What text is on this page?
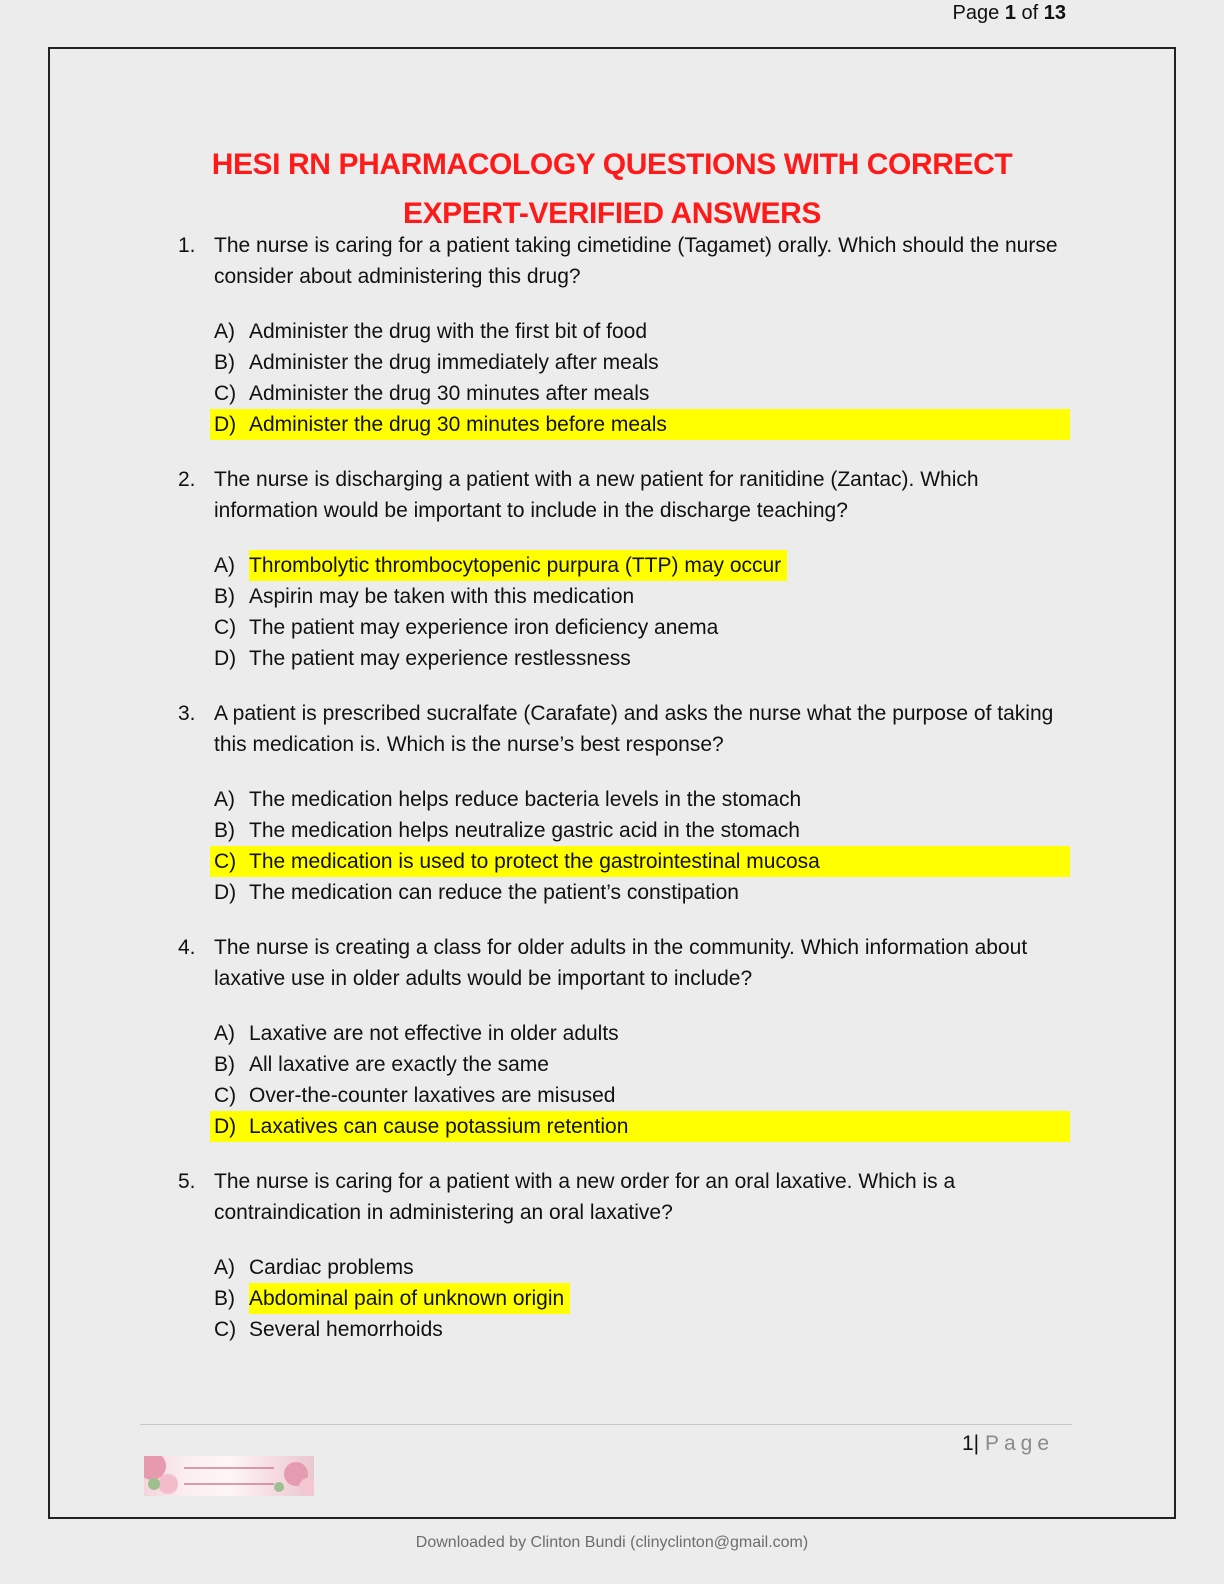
Page 1 of 13
HESI RN PHARMACOLOGY QUESTIONS WITH CORRECT
EXPERT-VERIFIED ANSWERS
1. The nurse is caring for a patient taking cimetidine (Tagamet) orally. Which should the nurse consider about administering this drug?
A) Administer the drug with the first bit of food
B) Administer the drug immediately after meals
C) Administer the drug 30 minutes after meals
D) Administer the drug 30 minutes before meals
2. The nurse is discharging a patient with a new patient for ranitidine (Zantac). Which information would be important to include in the discharge teaching?
A) Thrombolytic thrombocytopenic purpura (TTP) may occur
B) Aspirin may be taken with this medication
C) The patient may experience iron deficiency anema
D) The patient may experience restlessness
3. A patient is prescribed sucralfate (Carafate) and asks the nurse what the purpose of taking this medication is. Which is the nurse’s best response?
A) The medication helps reduce bacteria levels in the stomach
B) The medication helps neutralize gastric acid in the stomach
C) The medication is used to protect the gastrointestinal mucosa
D) The medication can reduce the patient’s constipation
4. The nurse is creating a class for older adults in the community. Which information about laxative use in older adults would be important to include?
A) Laxative are not effective in older adults
B) All laxative are exactly the same
C) Over-the-counter laxatives are misused
D) Laxatives can cause potassium retention
5. The nurse is caring for a patient with a new order for an oral laxative. Which is a contraindication in administering an oral laxative?
A) Cardiac problems
B) Abdominal pain of unknown origin
C) Several hemorrhoids
1| Page
Downloaded by Clinton Bundi (clinyclinton@gmail.com)
